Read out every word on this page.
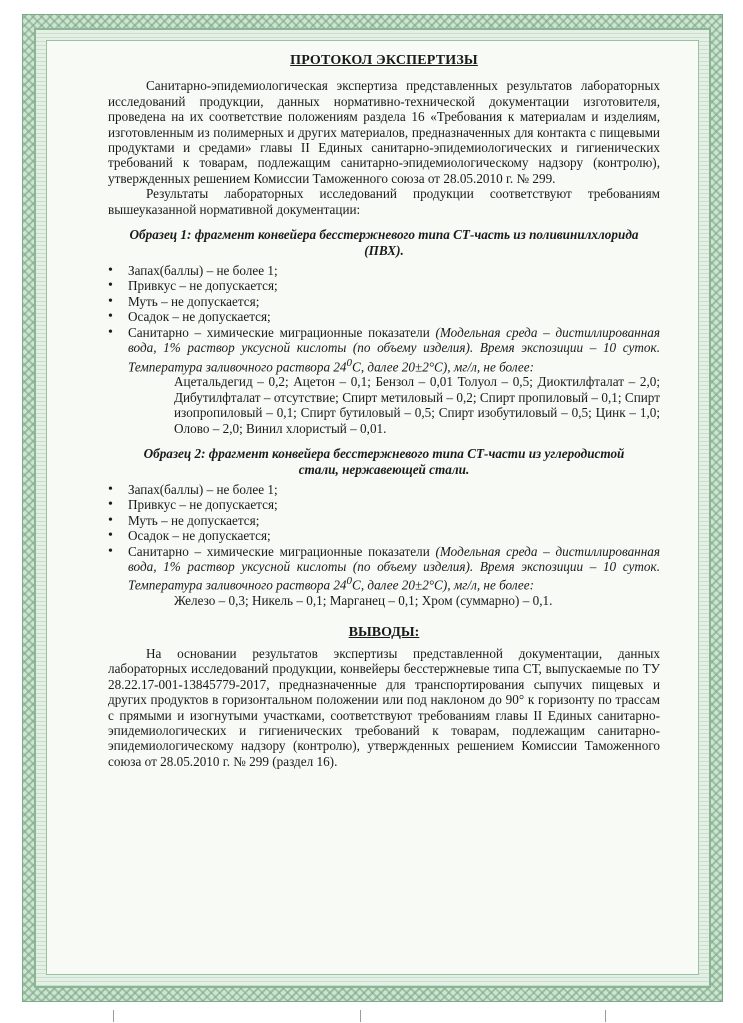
ПРОТОКОЛ ЭКСПЕРТИЗЫ

Санитарно-эпидемиологическая экспертиза представленных результатов лабораторных исследований продукции, данных нормативно-технической документации изготовителя, проведена на их соответствие положениям раздела 16 «Требования к материалам и изделиям, изготовленным из полимерных и других материалов, предназначенных для контакта с пищевыми продуктами и средами» главы II Единых санитарно-эпидемиологических и гигиенических требований к товарам, подлежащим санитарно-эпидемиологическому надзору (контролю), утвержденных решением Комиссии Таможенного союза от 28.05.2010 г. № 299.

Результаты лабораторных исследований продукции соответствуют требованиям вышеуказанной нормативной документации:

Образец 1: фрагмент конвейера бесстержневого типа СТ-часть из поливинилхлорида (ПВХ).
• Запах(баллы) – не более 1;
• Привкус – не допускается;
• Муть – не допускается;
• Осадок – не допускается;
• Санитарно – химические миграционные показатели (Модельная среда – дистиллированная вода, 1% раствор уксусной кислоты (по объему изделия). Время экспозиции – 10 суток. Температура заливочного раствора 24$^0$С, далее 20±2°С), мг/л, не более:

Ацетальдегид – 0,2; Ацетон – 0,1; Бензол – 0,01 Толуол – 0,5; Диоктилфталат – 2,0; Дибутилфталат – отсутствие; Спирт метиловый – 0,2; Спирт пропиловый – 0,1; Спирт изопропиловый – 0,1; Спирт бутиловый – 0,5; Спирт изобутиловый – 0,5; Цинк – 1,0; Олово – 2,0; Винил хлористый – 0,01.

Образец 2: фрагмент конвейера бесстержневого типа СТ-части из углеродистой стали, нержавеющей стали.
• Запах(баллы) – не более 1;
• Привкус – не допускается;
• Муть – не допускается;
• Осадок – не допускается;
• Санитарно – химические миграционные показатели (Модельная среда – дистиллированная вода, 1% раствор уксусной кислоты (по объему изделия). Время экспозиции – 10 суток. Температура заливочного раствора 24$^0$С, далее 20±2°С), мг/л, не более:

Железо – 0,3; Никель – 0,1; Марганец – 0,1; Хром (суммарно) – 0,1.

ВЫВОДЫ:

На основании результатов экспертизы представленной документации, данных лабораторных исследований продукции, конвейеры бесстержневые типа СТ, выпускаемые по ТУ 28.22.17-001-13845779-2017, предназначенные для транспортирования сыпучих пищевых и других продуктов в горизонтальном положении или под наклоном до 90° к горизонту по трассам с прямыми и изогнутыми участками, соответствуют требованиям главы II Единых санитарно-эпидемиологических и гигиенических требований к товарам, подлежащим санитарно-эпидемиологическому надзору (контролю), утвержденных решением Комиссии Таможенного союза от 28.05.2010 г. № 299 (раздел 16).
